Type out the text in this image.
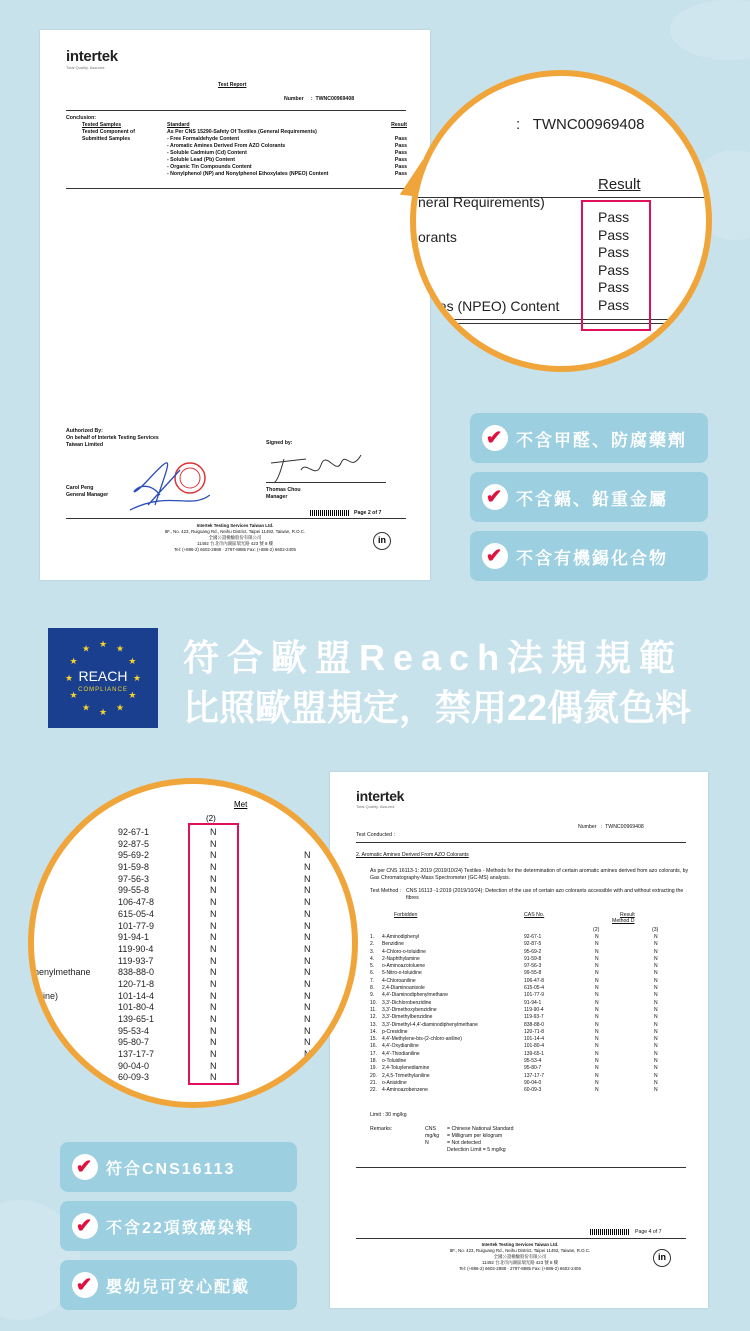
intertek
Total Quality. Assured.
Test Report
Number : TWNC00969408
Conclusion:
Tested Samples
Tested Component of
Submitted Samples
Standard	Result
As Per CNS 15290-Safety Of Textiles (General Requirements)
- Free Formaldehyde Content	Pass
- Aromatic Amines Derived From AZO Colorants	Pass
- Soluble Cadmium (Cd) Content	Pass
- Soluble Lead (Pb) Content	Pass
- Organic Tin Compounds Content	Pass
- Nonylphenol (NP) and Nonylphenol Ethoxylates (NPEO) Content	Pass
Authorized By:
On behalf of Intertek Testing Services
Taiwan Limited
Carol Peng
General Manager
Signed by:
Thomas Chou
Manager
Page 2 of 7
Intertek Testing Services Taiwan Ltd.
8F., No. 423, Ruiguang Rd., Neihu District, Taipei 11492, Taiwan, R.O.C.
全國公證檢驗股份有限公司
11492 台北市內湖區瑞光路 423 號 8 樓
Tel: (+886-2) 6602-2888 · 2797-8885 Fax: (+886-2) 6602-2405
in
: TWNC00969408
Result
neral Requirements)
orants
lates (NPEO) Content
Pass
Pass
Pass
Pass
Pass
Pass
✔ 不含甲醛、防腐藥劑
✔ 不含鎘、鉛重金屬
✔ 不含有機錫化合物
★
★
★
★
★
★
★
★
★ ★ ★
★
REACH
COMPLIANCE
符合歐盟Reach法規規範
比照歐盟規定，禁用22偶氮色料
intertek
Total Quality. Assured.
Number : TWNC00969408
Test Conducted :
2. Aromatic Amines Derived From AZO Colorants
As per CNS 16113-1: 2019 (2019/10/24) Textiles - Methods for the determination of certain aromatic amines derived from azo colorants, by Gas Chromatography-Mass Spectrometer (GC-MS) analysis.
Test Method : CNS 16113 -1:2019 (2019/10/24): Detection of the use of certain azo colorants accessible with and without extracting the fibres
Forbidden	CAS No.	Result
Method D
(2)	(3)
1. 4-Aminodiphenyl	92-67-1	N	N
2. Benzidine	92-87-5	N	N
3. 4-Chloro-o-toluidine	95-69-2	N	N
4. 2-Naphthylamine	91-59-8	N	N
5. o-Aminoazotoluene	97-56-3	N	N
6. 5-Nitro-o-toluidine	99-55-8	N	N
7. 4-Chloroaniline	106-47-8	N	N
8. 2,4-Diaminoanisole	615-05-4	N	N
9. 4,4'-Diaminodiphenylmethane	101-77-9	N	N
10. 3,3'-Dichlorobenzidine	91-94-1	N	N
11. 3,3'-Dimethoxybenzidine	119-90-4	N	N
12. 3,3'-Dimethylbenzidine	119-93-7	N	N
13. 3,3'-Dimethyl-4,4'-diaminodiphenylmethane	838-88-0	N	N
14. p-Cresidine	120-71-8	N	N
15. 4,4'-Methylene-bis-(2-chloro-aniline)	101-14-4	N	N
16. 4,4'-Oxydianiline	101-80-4	N	N
17. 4,4'-Thiodianiline	139-65-1	N	N
18. o-Toluidine	95-53-4	N	N
19. 2,4-Toluylenediamine	95-80-7	N	N
20. 2,4,5-Trimethylaniline	137-17-7	N	N
21. o-Anisidine	90-04-0	N	N
22. 4-Aminoazobenzene	60-09-3	N	N
Limit : 30 mg/kg
Remarks:	CNS	= Chinese National Standard
mg/kg	= Milligram per kilogram
N	= Not detected
Detection Limit = 5 mg/kg
Page 4 of 7
Intertek Testing Services Taiwan Ltd.
8F., No. 423, Ruiguang Rd., Neihu District, Taipei 11492, Taiwan, R.O.C.
全國公證檢驗股份有限公司
11492 台北市內湖區瑞光路 423 號 8 樓
Tel: (+886-2) 6602-2888 · 2797-8885 Fax: (+886-2) 6602-2405
in
Met
(2)
92-67-1	N
92-87-5	N
95-69-2	N	N
91-59-8	N	N
97-56-3	N	N
99-55-8	N	N
106-47-8	N	N
615-05-4	N	N
101-77-9	N	N
91-94-1	N	N
119-90-4	N	N
119-93-7	N	N
henylmethane	838-88-0	N	N
120-71-8	N	N
niline)	101-14-4	N	N
101-80-4	N	N
139-65-1	N	N
95-53-4	N	N
95-80-7	N	N
137-17-7	N	N
90-04-0	N	N
60-09-3	N	N
✔ 符合CNS16113
✔ 不含22項致癌染料
✔ 嬰幼兒可安心配戴
